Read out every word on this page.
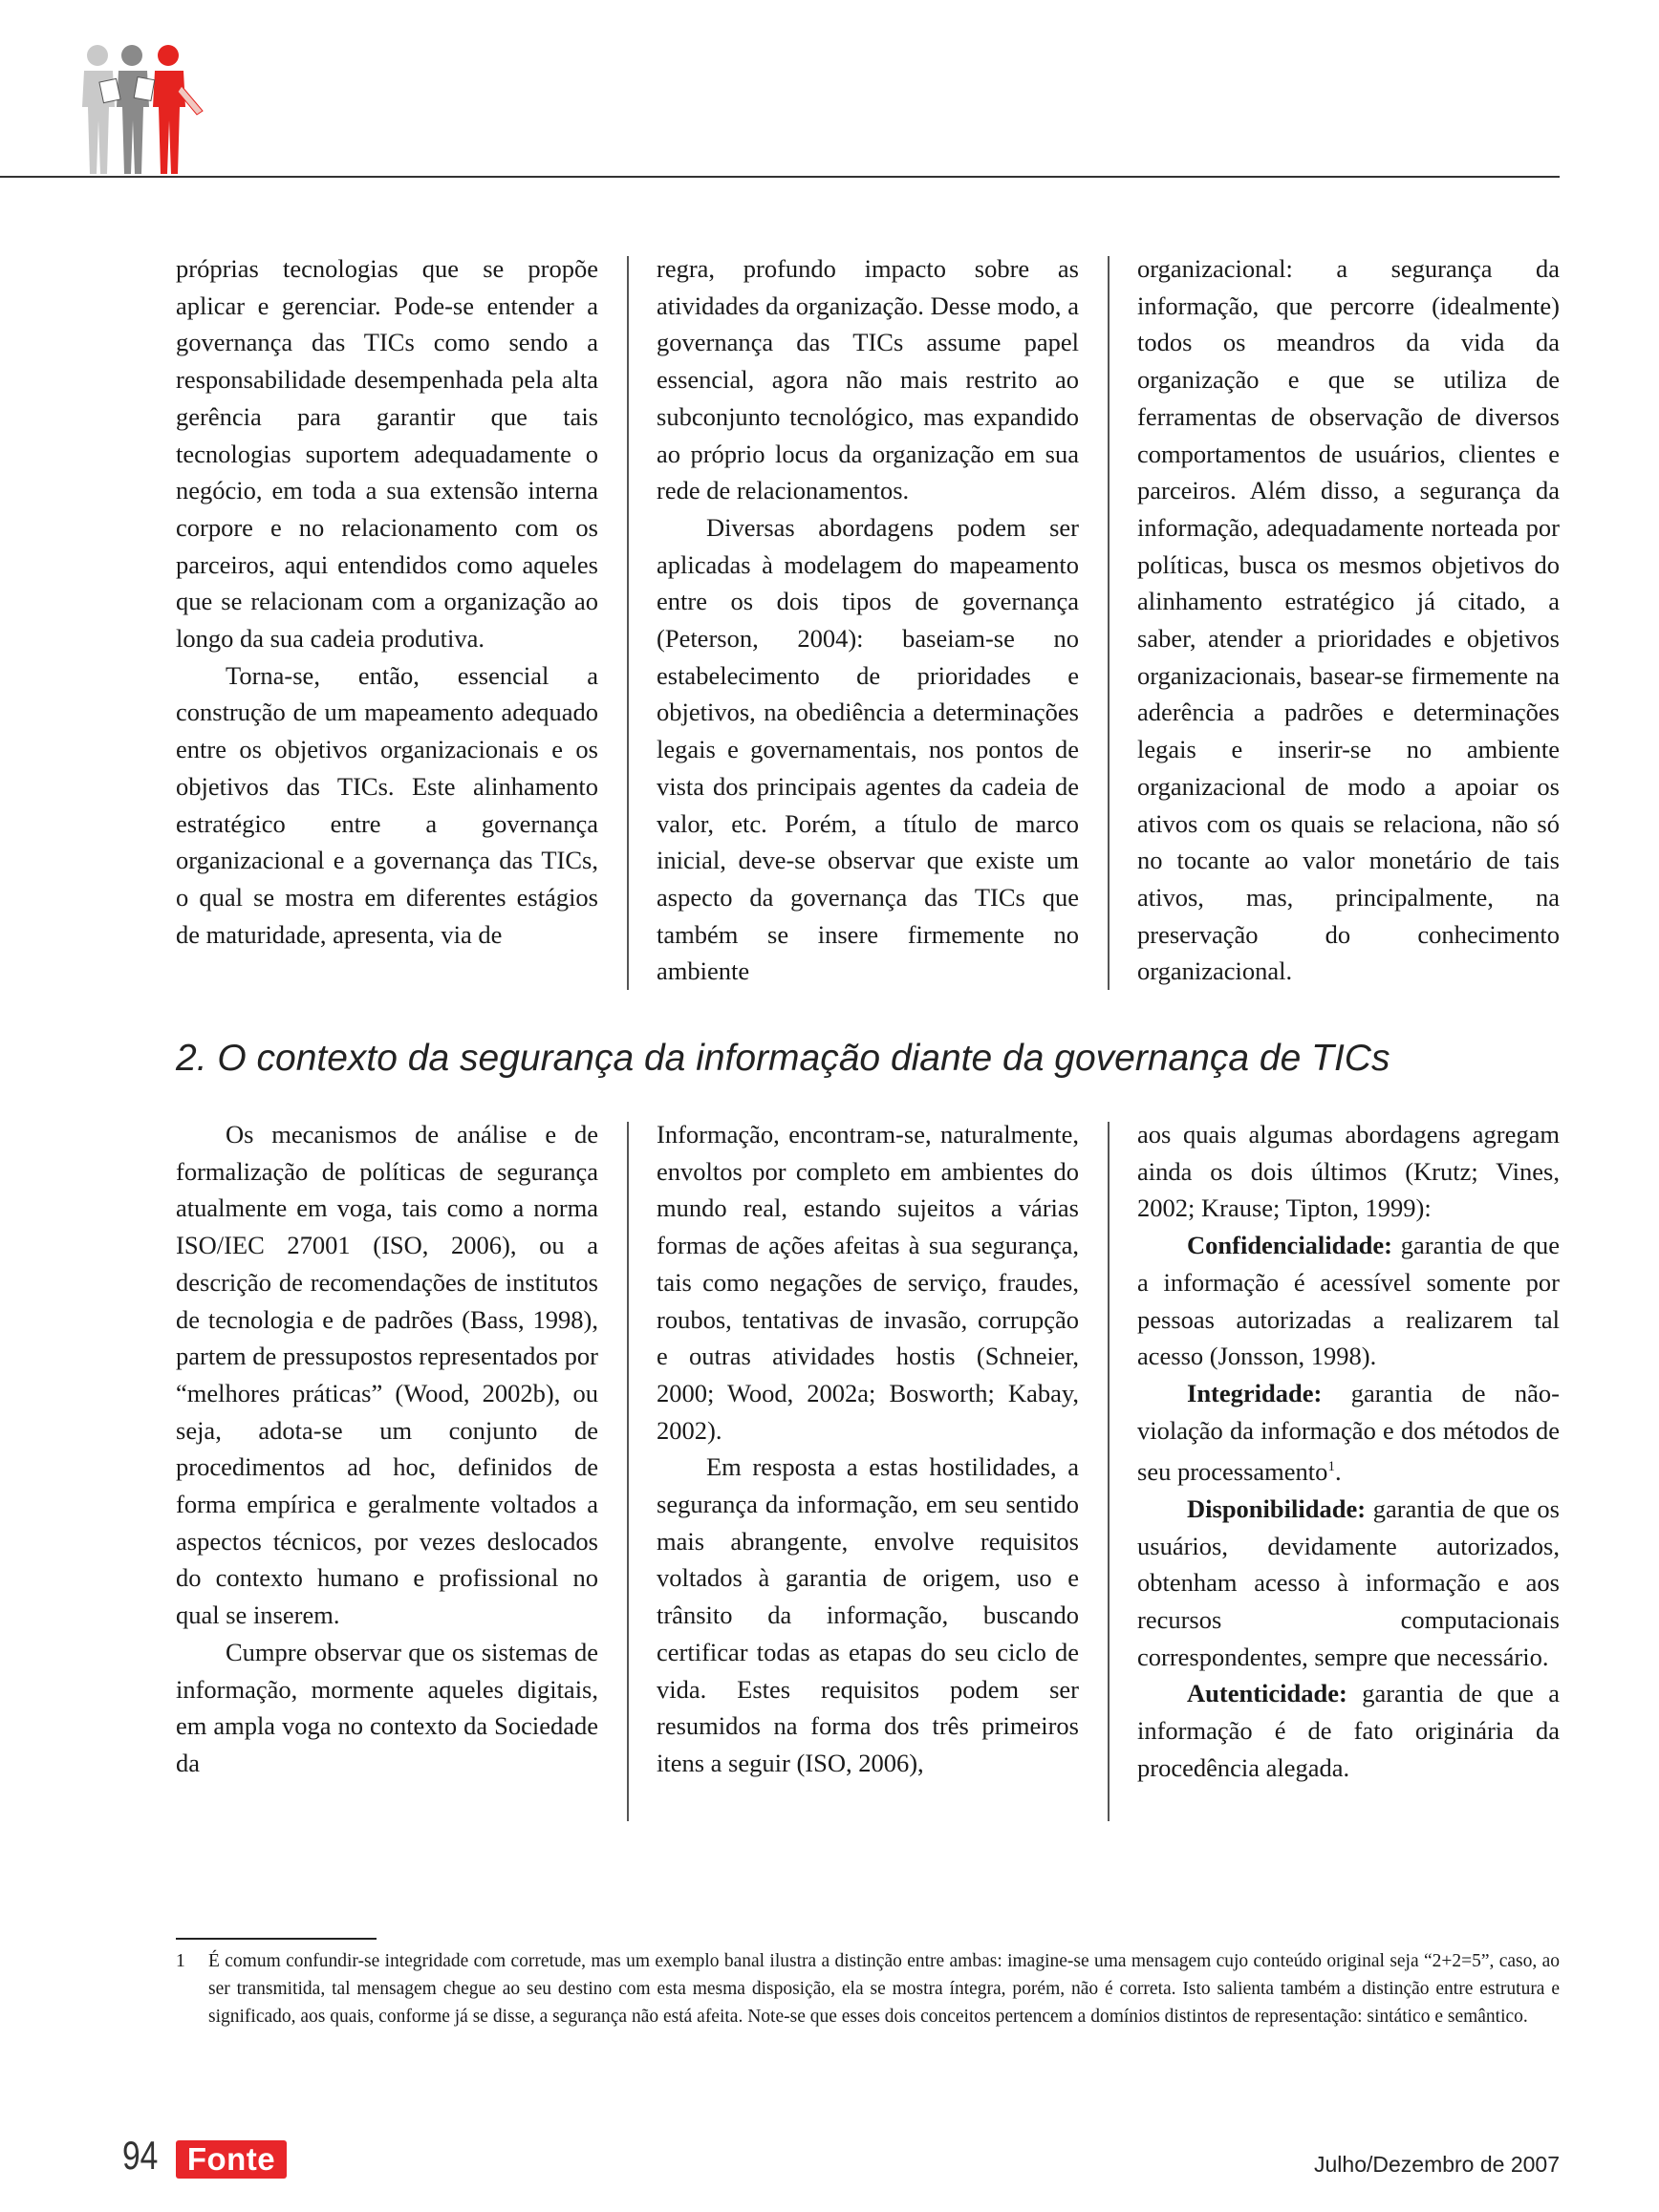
próprias tecnologias que se propõe aplicar e gerenciar. Pode-se entender a governança das TICs como sendo a responsabilidade desempenhada pela alta gerência para garantir que tais tecnologias suportem adequadamente o negócio, em toda a sua extensão interna corpore e no relacionamento com os parceiros, aqui entendidos como aqueles que se relacionam com a organização ao longo da sua cadeia produtiva.

Torna-se, então, essencial a construção de um mapeamento adequado entre os objetivos organizacionais e os objetivos das TICs. Este alinhamento estratégico entre a governança organizacional e a governança das TICs, o qual se mostra em diferentes estágios de maturidade, apresenta, via de

regra, profundo impacto sobre as atividades da organização. Desse modo, a governança das TICs assume papel essencial, agora não mais restrito ao subconjunto tecnológico, mas expandido ao próprio locus da organização em sua rede de relacionamentos.

Diversas abordagens podem ser aplicadas à modelagem do mapeamento entre os dois tipos de governança (Peterson, 2004): baseiam-se no estabelecimento de prioridades e objetivos, na obediência a determinações legais e governamentais, nos pontos de vista dos principais agentes da cadeia de valor, etc. Porém, a título de marco inicial, deve-se observar que existe um aspecto da governança das TICs que também se insere firmemente no ambiente

organizacional: a segurança da informação, que percorre (idealmente) todos os meandros da vida da organização e que se utiliza de ferramentas de observação de diversos comportamentos de usuários, clientes e parceiros. Além disso, a segurança da informação, adequadamente norteada por políticas, busca os mesmos objetivos do alinhamento estratégico já citado, a saber, atender a prioridades e objetivos organizacionais, basear-se firmemente na aderência a padrões e determinações legais e inserir-se no ambiente organizacional de modo a apoiar os ativos com os quais se relaciona, não só no tocante ao valor monetário de tais ativos, mas, principalmente, na preservação do conhecimento organizacional.

2. O contexto da segurança da informação diante da governança de TICs

Os mecanismos de análise e de formalização de políticas de segurança atualmente em voga, tais como a norma ISO/IEC 27001 (ISO, 2006), ou a descrição de recomendações de institutos de tecnologia e de padrões (Bass, 1998), partem de pressupostos representados por “melhores práticas” (Wood, 2002b), ou seja, adota-se um conjunto de procedimentos ad hoc, definidos de forma empírica e geralmente voltados a aspectos técnicos, por vezes deslocados do contexto humano e profissional no qual se inserem.

Cumpre observar que os sistemas de informação, mormente aqueles digitais, em ampla voga no contexto da Sociedade da

Informação, encontram-se, naturalmente, envoltos por completo em ambientes do mundo real, estando sujeitos a várias formas de ações afeitas à sua segurança, tais como negações de serviço, fraudes, roubos, tentativas de invasão, corrupção e outras atividades hostis (Schneier, 2000; Wood, 2002a; Bosworth; Kabay, 2002).

Em resposta a estas hostilidades, a segurança da informação, em seu sentido mais abrangente, envolve requisitos voltados à garantia de origem, uso e trânsito da informação, buscando certificar todas as etapas do seu ciclo de vida. Estes requisitos podem ser resumidos na forma dos três primeiros itens a seguir (ISO, 2006),

aos quais algumas abordagens agregam ainda os dois últimos (Krutz; Vines, 2002; Krause; Tipton, 1999):

Confidencialidade: garantia de que a informação é acessível somente por pessoas autorizadas a realizarem tal acesso (Jonsson, 1998).

Integridade: garantia de não-violação da informação e dos métodos de seu processamento$^1$.

Disponibilidade: garantia de que os usuários, devidamente autorizados, obtenham acesso à informação e aos recursos computacionais correspondentes, sempre que necessário.

Autenticidade: garantia de que a informação é de fato originária da procedência alegada.

1 É comum confundir-se integridade com corretude, mas um exemplo banal ilustra a distinção entre ambas: imagine-se uma mensagem cujo conteúdo original seja “2+2=5”, caso, ao ser transmitida, tal mensagem chegue ao seu destino com esta mesma disposição, ela se mostra íntegra, porém, não é correta. Isto salienta também a distinção entre estrutura e significado, aos quais, conforme já se disse, a segurança não está afeita. Note-se que esses dois conceitos pertencem a domínios distintos de representação: sintático e semântico.
94 Fonte	Julho/Dezembro de 2007
